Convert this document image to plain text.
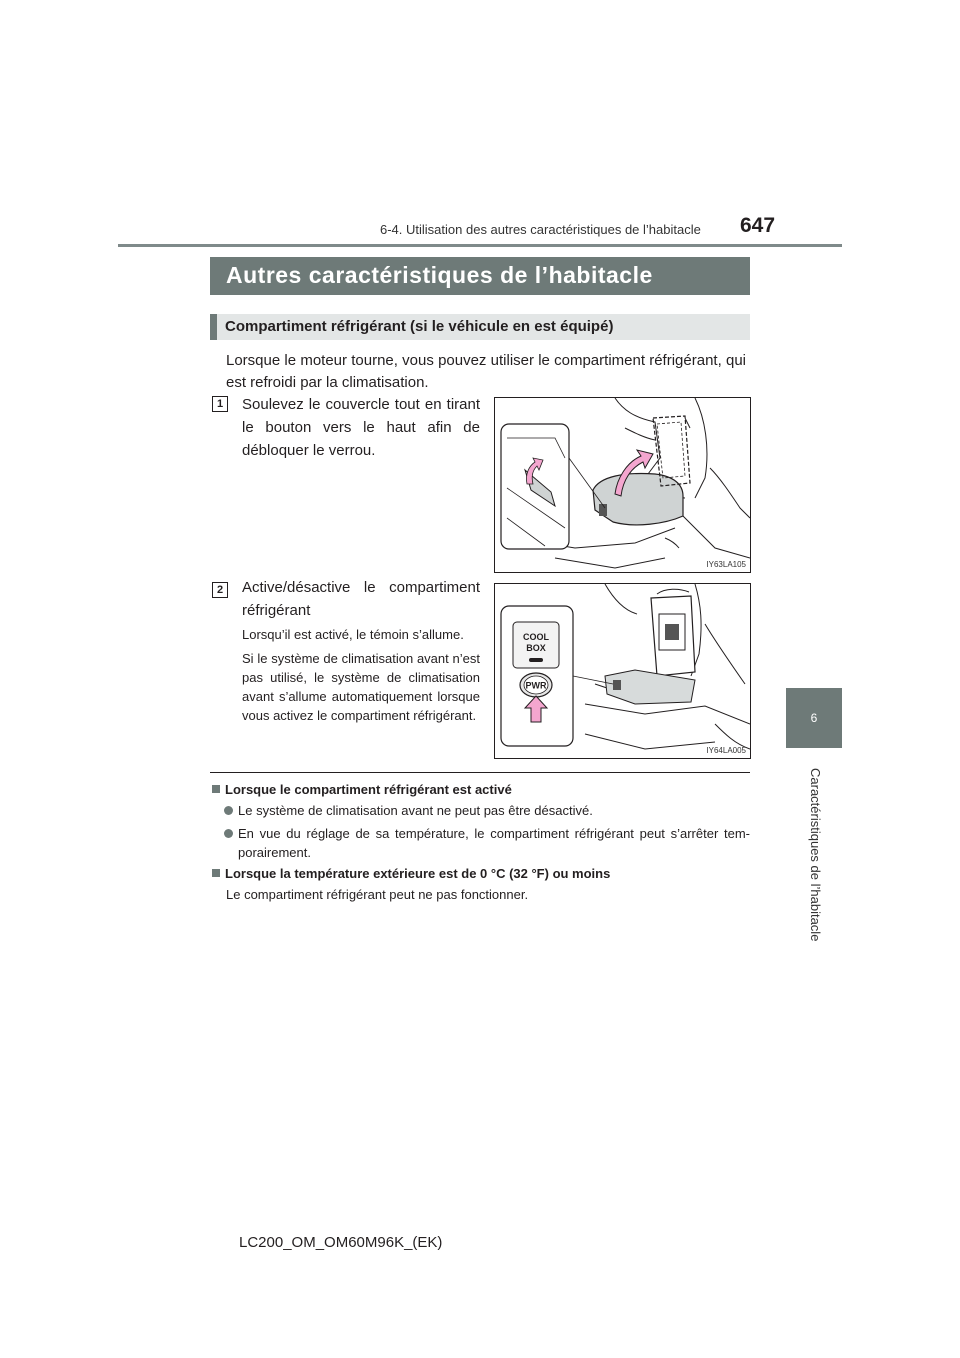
6-4. Utilisation des autres caractéristiques de l’habitacle 647
6
Caractéristiques de l’habitacle
Autres caractéristiques de l’habitacle
Compartiment réfrigérant (si le véhicule en est équipé)
Lorsque le moteur tourne, vous pouvez utiliser le compartiment réfrigérant, qui est refroidi par la climatisation.
1	Soulevez le couvercle tout en tirant le bouton vers le haut afin de débloquer le verrou.
IY63LA105
2	Active/désactive le compartiment réfrigérant
Lorsqu’il est activé, le témoin s’allume.
Si le système de climatisation avant n’est pas utilisé, le système de climatisation avant s’allume automatiquement lorsque vous activez le compartiment réfrigérant.
COOL
BOX
PWR
IY64LA005
Lorsque le compartiment réfrigérant est activé
Le système de climatisation avant ne peut pas être désactivé.
En vue du réglage de sa température, le compartiment réfrigérant peut s’arrêter temporairement.
Lorsque la température extérieure est de 0 °C (32 °F) ou moins
Le compartiment réfrigérant peut ne pas fonctionner.
LC200_OM_OM60M96K_(EK)
